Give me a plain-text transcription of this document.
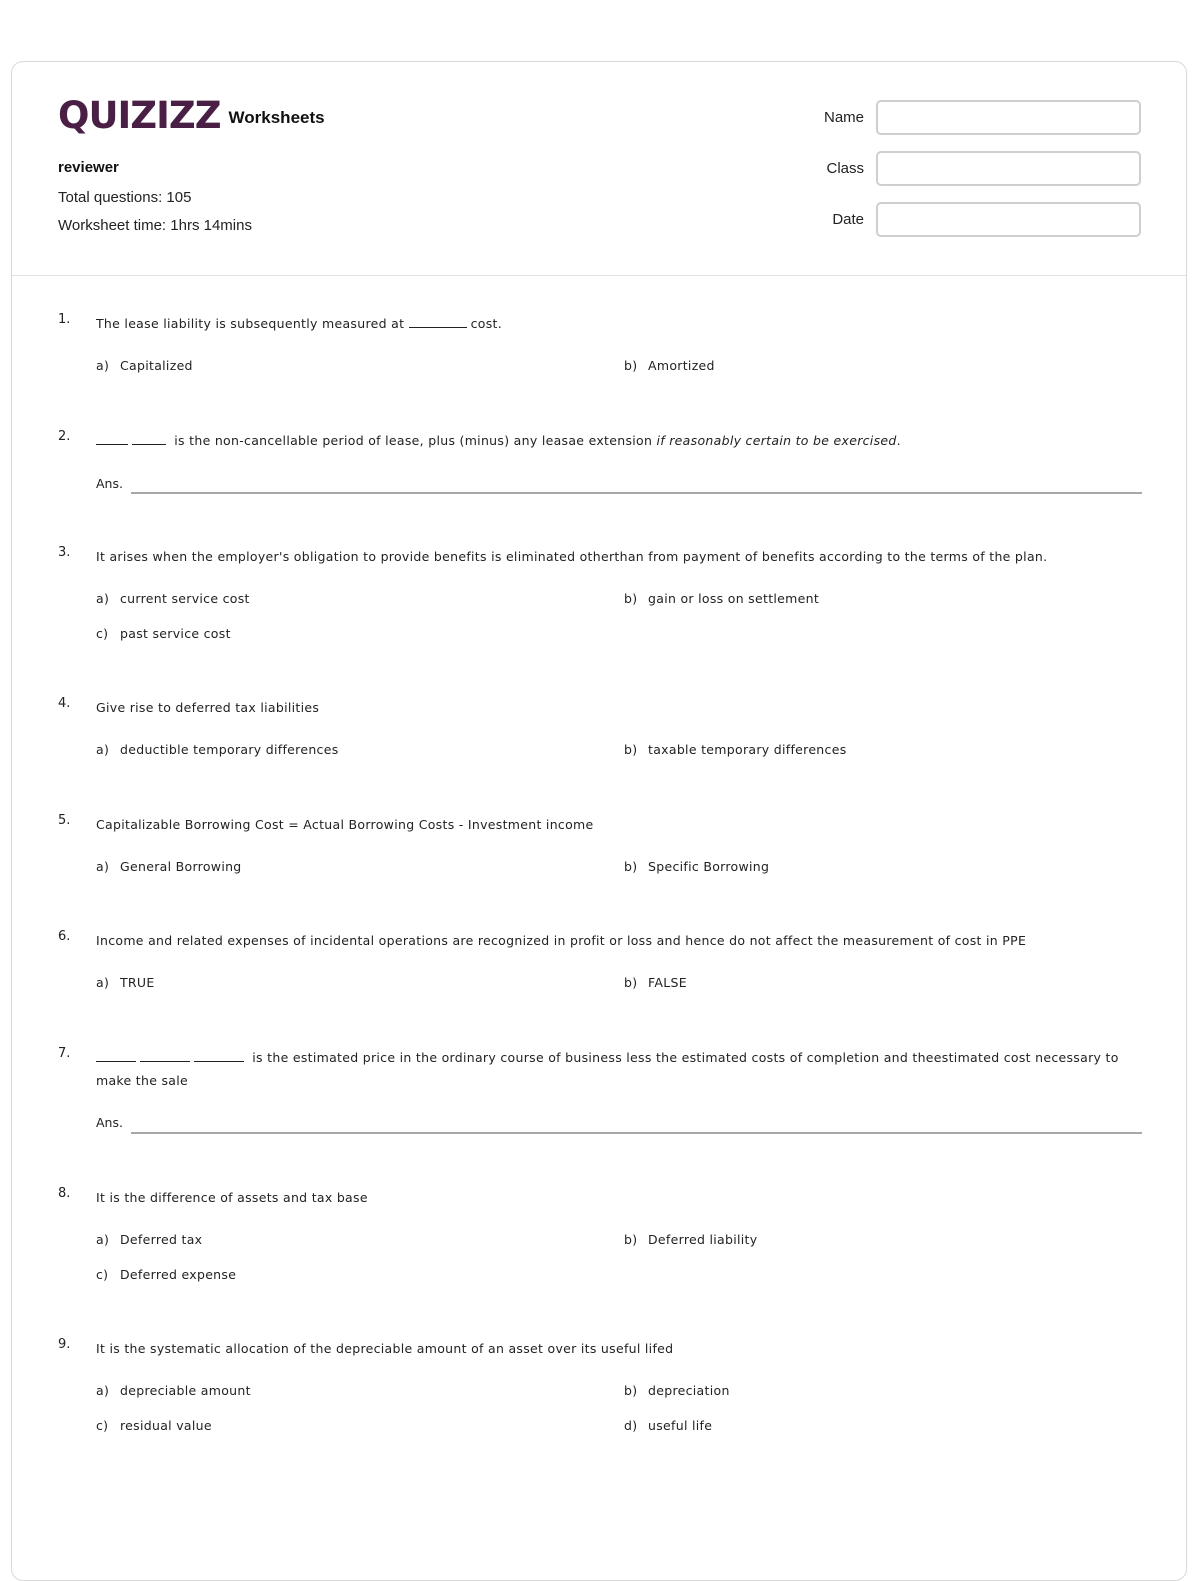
QUIZIZZ Worksheets
reviewer
Total questions: 105
Worksheet time: 1hrs 14mins
Name
Class
Date
1. The lease liability is subsequently measured at	cost.
a) Capitalized	b) Amortized
2.	is the non-cancellable period of lease, plus (minus) any leasae extension if reasonably certain to be exercised.
Ans.
3. It arises when the employer's obligation to provide benefits is eliminated otherthan from payment of benefits according to the terms of the plan.
a) current service cost	b) gain or loss on settlement
c) past service cost
4. Give rise to deferred tax liabilities
a) deductible temporary differences	b) taxable temporary differences
5. Capitalizable Borrowing Cost = Actual Borrowing Costs - Investment income
a) General Borrowing	b) Specific Borrowing
6. Income and related expenses of incidental operations are recognized in profit or loss and hence do not affect the measurement of cost in PPE
a) TRUE	b) FALSE
7.	is the estimated price in the ordinary course of business less the estimated costs of completion and theestimated cost necessary to make the sale
Ans.
8. It is the difference of assets and tax base
a) Deferred tax	b) Deferred liability
c) Deferred expense
9. It is the systematic allocation of the depreciable amount of an asset over its useful lifed
a) depreciable amount	b) depreciation
c) residual value	d) useful life
